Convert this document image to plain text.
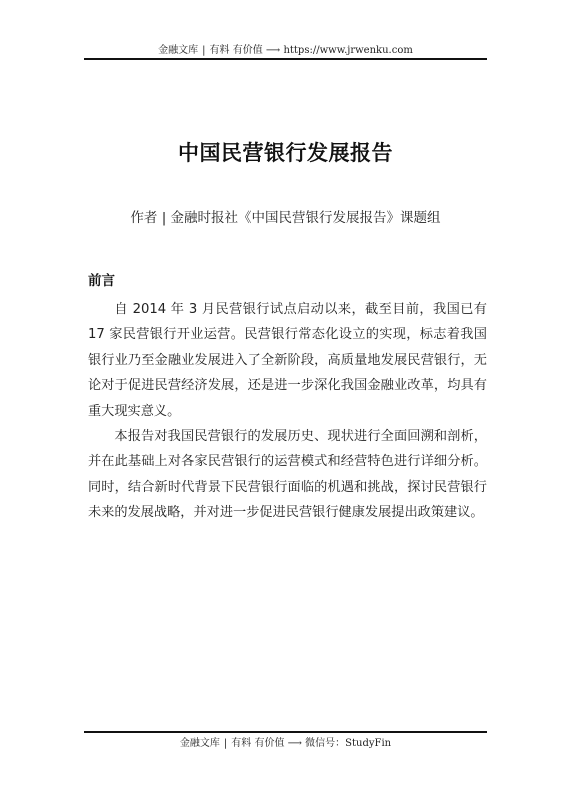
金融文库 | 有料 有价值 ⟶ https://www.jrwenku.com
中国民营银行发展报告
作者 | 金融时报社《中国民营银行发展报告》课题组
前言

自 2014 年 3 月民营银行试点启动以来，截至目前，我国已有 17 家民营银行开业运营。民营银行常态化设立的实现，标志着我国银行业乃至金融业发展进入了全新阶段，高质量地发展民营银行，无论对于促进民营经济发展，还是进一步深化我国金融业改革，均具有重大现实意义。

本报告对我国民营银行的发展历史、现状进行全面回溯和剖析，并在此基础上对各家民营银行的运营模式和经营特色进行详细分析。同时，结合新时代背景下民营银行面临的机遇和挑战，探讨民营银行未来的发展战略，并对进一步促进民营银行健康发展提出政策建议。

金融文库 | 有料 有价值 ⟶ 微信号：StudyFin
